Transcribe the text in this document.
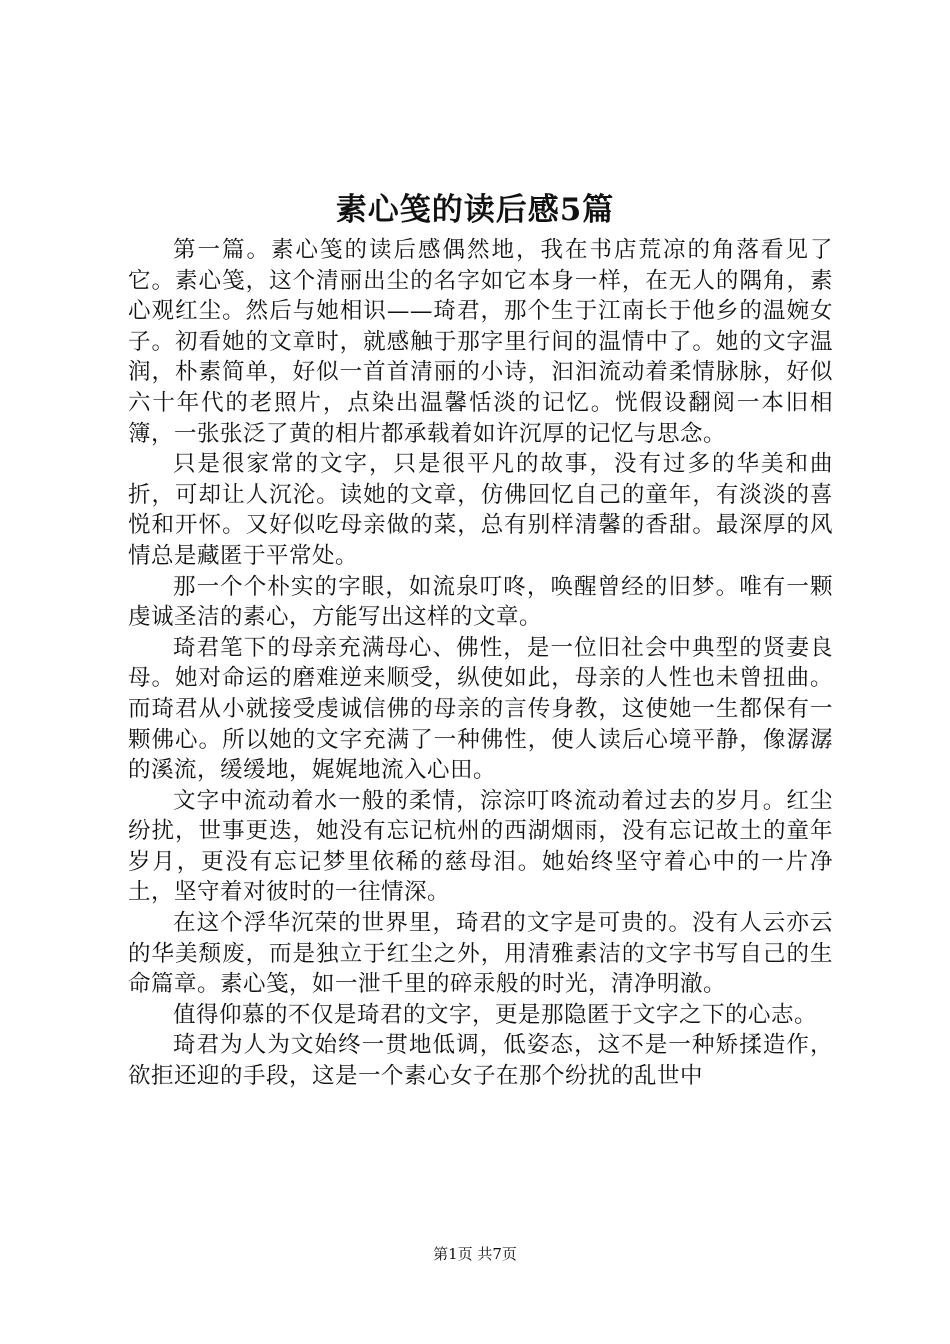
素心笺的读后感5篇

第一篇。素心笺的读后感偶然地，我在书店荒凉的角落看见了它。素心笺，这个清丽出尘的名字如它本身一样，在无人的隅角，素心观红尘。然后与她相识——琦君，那个生于江南长于他乡的温婉女子。初看她的文章时，就感触于那字里行间的温情中了。她的文字温润，朴素简单，好似一首首清丽的小诗，汩汩流动着柔情脉脉，好似六十年代的老照片，点染出温馨恬淡的记忆。恍假设翻阅一本旧相簿，一张张泛了黄的相片都承载着如许沉厚的记忆与思念。

只是很家常的文字，只是很平凡的故事，没有过多的华美和曲折，可却让人沉沦。读她的文章，仿佛回忆自己的童年，有淡淡的喜悦和开怀。又好似吃母亲做的菜，总有别样清馨的香甜。最深厚的风情总是藏匿于平常处。

那一个个朴实的字眼，如流泉叮咚，唤醒曾经的旧梦。唯有一颗虔诚圣洁的素心，方能写出这样的文章。

琦君笔下的母亲充满母心、佛性，是一位旧社会中典型的贤妻良母。她对命运的磨难逆来顺受，纵使如此，母亲的人性也未曾扭曲。而琦君从小就接受虔诚信佛的母亲的言传身教，这使她一生都保有一颗佛心。所以她的文字充满了一种佛性，使人读后心境平静，像潺潺的溪流，缓缓地，娓娓地流入心田。

文字中流动着水一般的柔情，淙淙叮咚流动着过去的岁月。红尘纷扰，世事更迭，她没有忘记杭州的西湖烟雨，没有忘记故土的童年岁月，更没有忘记梦里依稀的慈母泪。她始终坚守着心中的一片净土，坚守着对彼时的一往情深。

在这个浮华沉荣的世界里，琦君的文字是可贵的。没有人云亦云的华美颓废，而是独立于红尘之外，用清雅素洁的文字书写自己的生命篇章。素心笺，如一泄千里的碎汞般的时光，清净明澈。

值得仰慕的不仅是琦君的文字，更是那隐匿于文字之下的心志。

琦君为人为文始终一贯地低调，低姿态，这不是一种矫揉造作，欲拒还迎的手段，这是一个素心女子在那个纷扰的乱世中

第1页 共7页
